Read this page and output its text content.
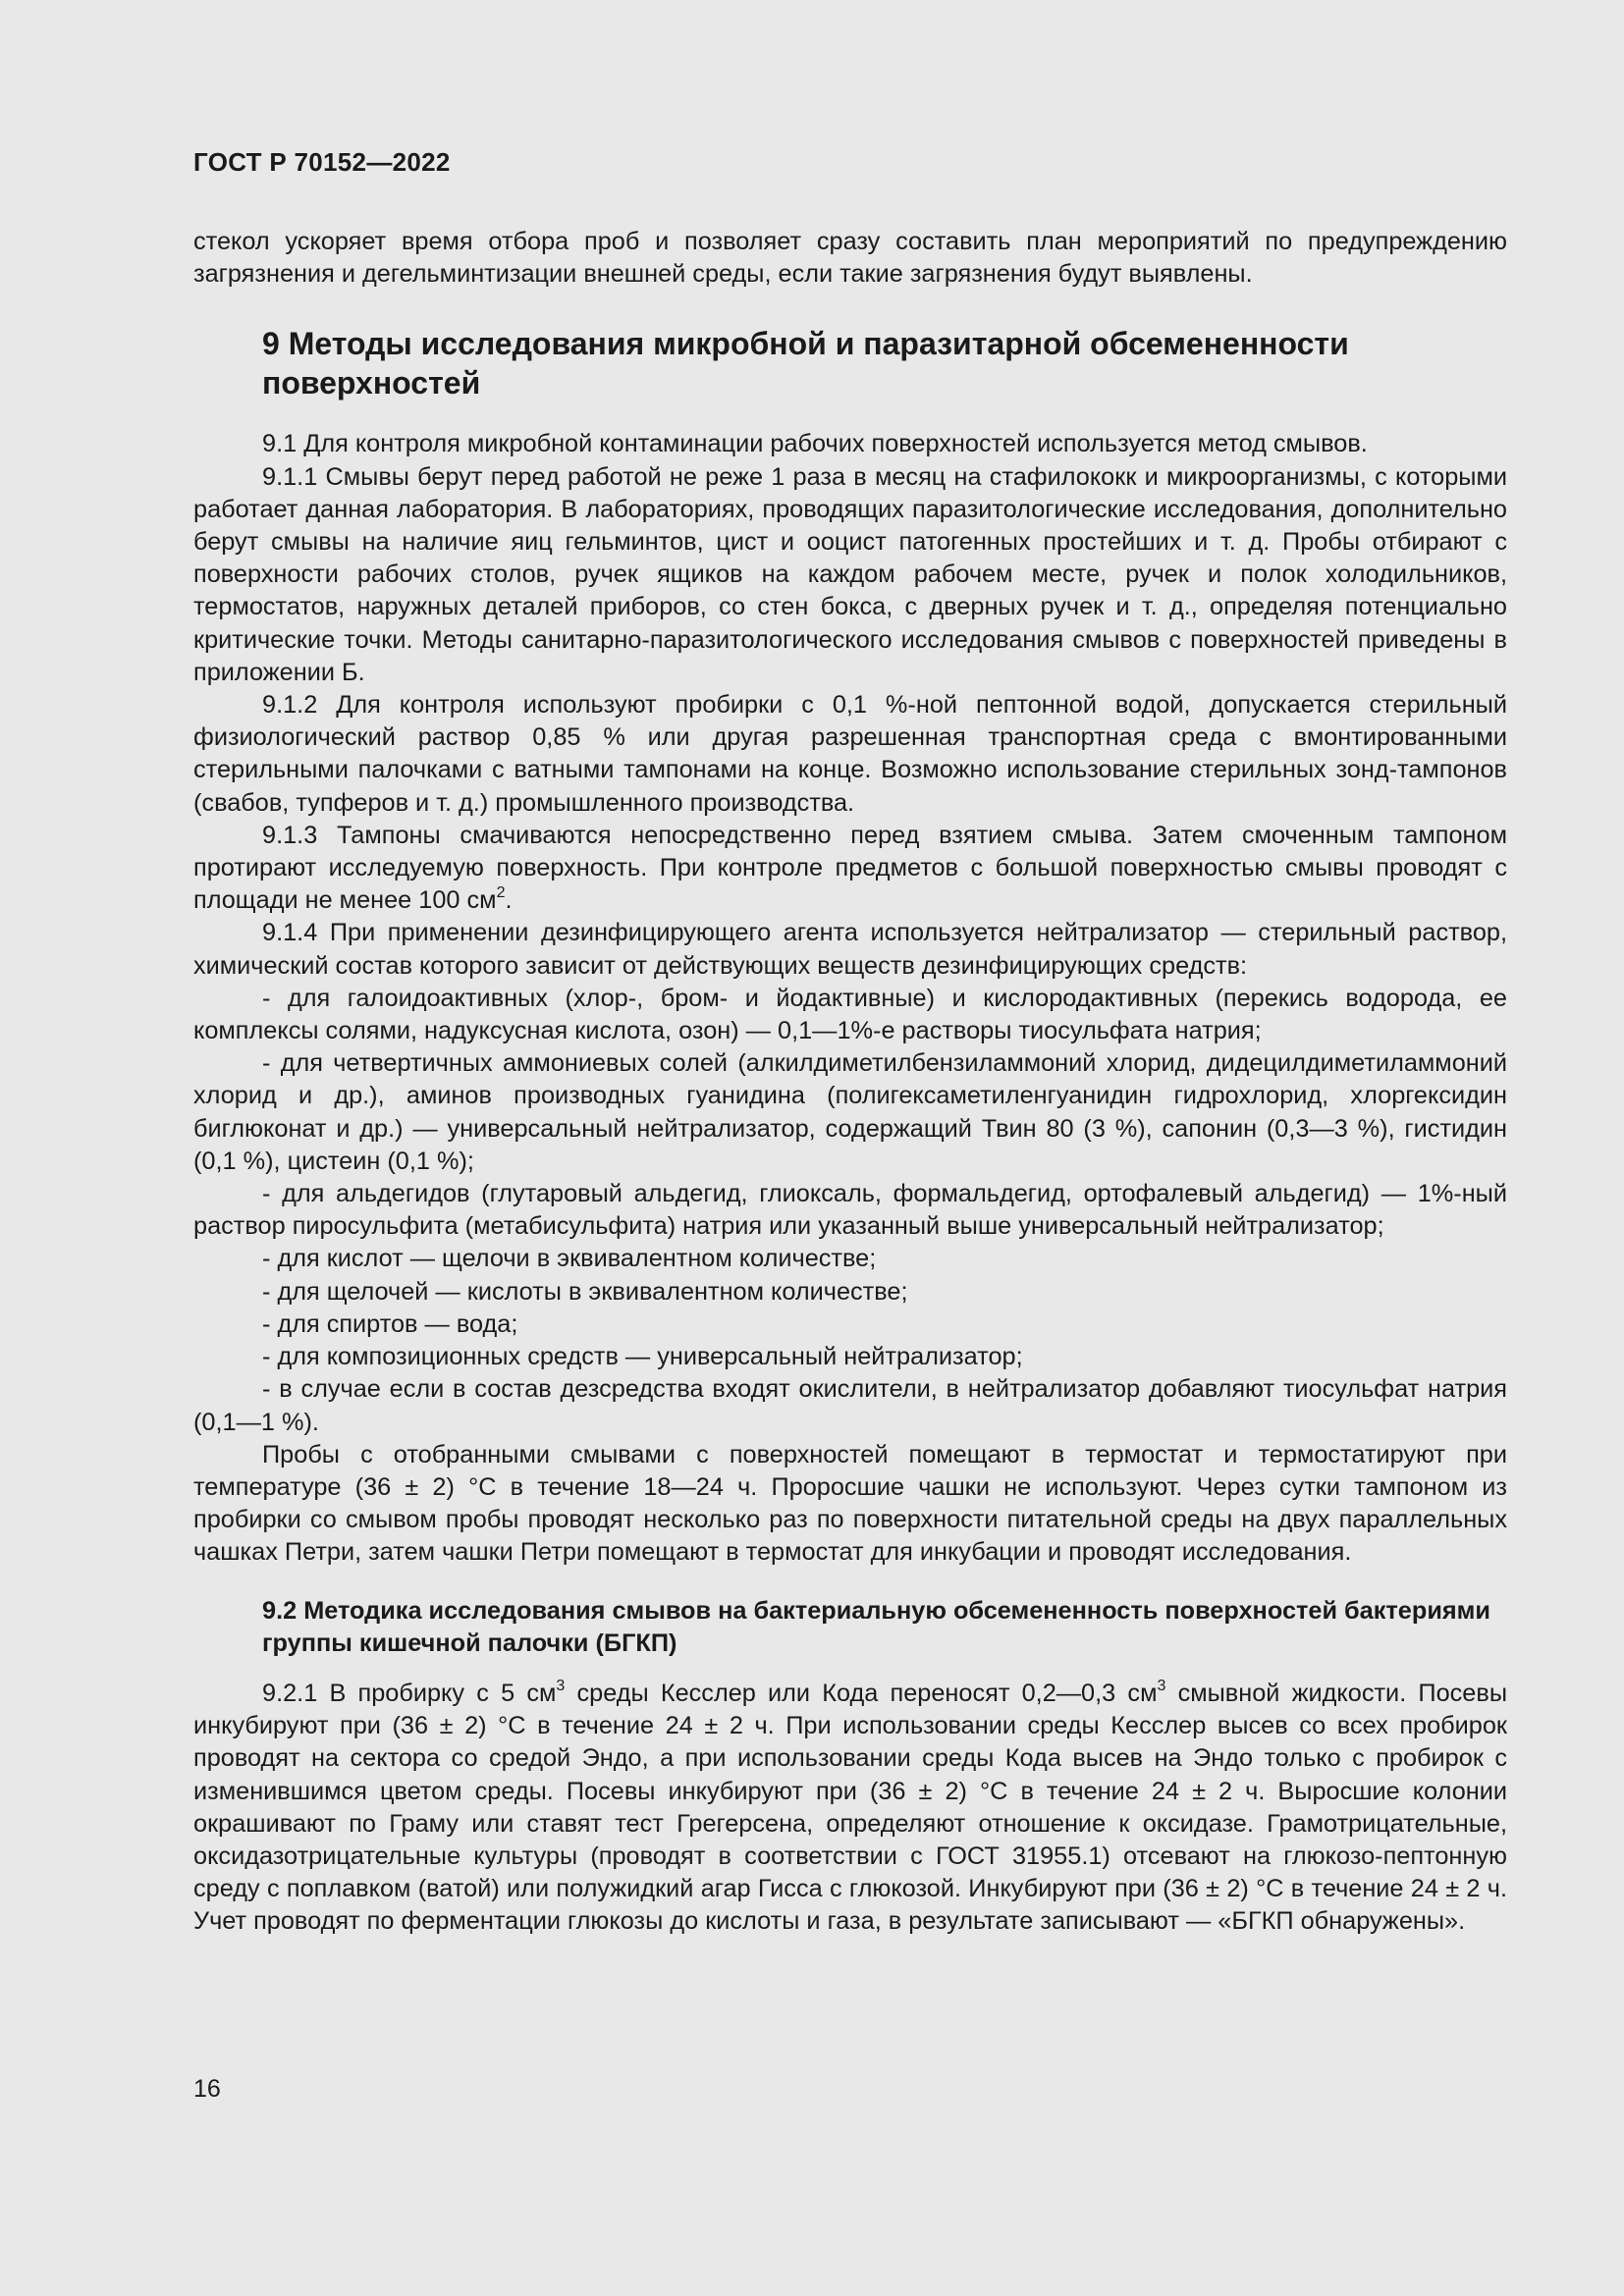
ГОСТ Р 70152—2022

стекол ускоряет время отбора проб и позволяет сразу составить план мероприятий по предупреждению загрязнения и дегельминтизации внешней среды, если такие загрязнения будут выявлены.

9 Методы исследования микробной и паразитарной обсемененности поверхностей

9.1 Для контроля микробной контаминации рабочих поверхностей используется метод смывов.

9.1.1 Смывы берут перед работой не реже 1 раза в месяц на стафилококк и микроорганизмы, с которыми работает данная лаборатория. В лабораториях, проводящих паразитологические исследования, дополнительно берут смывы на наличие яиц гельминтов, цист и ооцист патогенных простейших и т. д. Пробы отбирают с поверхности рабочих столов, ручек ящиков на каждом рабочем месте, ручек и полок холодильников, термостатов, наружных деталей приборов, со стен бокса, с дверных ручек и т. д., определяя потенциально критические точки. Методы санитарно-паразитологического исследования смывов с поверхностей приведены в приложении Б.

9.1.2 Для контроля используют пробирки с 0,1 %-ной пептонной водой, допускается стерильный физиологический раствор 0,85 % или другая разрешенная транспортная среда с вмонтированными стерильными палочками с ватными тампонами на конце. Возможно использование стерильных зонд-тампонов (свабов, тупферов и т. д.) промышленного производства.

9.1.3 Тампоны смачиваются непосредственно перед взятием смыва. Затем смоченным тампоном протирают исследуемую поверхность. При контроле предметов с большой поверхностью смывы проводят с площади не менее 100 $см^2$.

9.1.4 При применении дезинфицирующего агента используется нейтрализатор — стерильный раствор, химический состав которого зависит от действующих веществ дезинфицирующих средств:

- для галоидоактивных (хлор-, бром- и йодактивные) и кислородактивных (перекись водорода, ее комплексы солями, надуксусная кислота, озон) — 0,1—1%-е растворы тиосульфата натрия;

- для четвертичных аммониевых солей (алкилдиметилбензиламмоний хлорид, дидецилдиметиламмоний хлорид и др.), аминов производных гуанидина (полигексаметиленгуанидин гидрохлорид, хлоргексидин биглюконат и др.) — универсальный нейтрализатор, содержащий Твин 80 (3 %), сапонин (0,3—3 %), гистидин (0,1 %), цистеин (0,1 %);

- для альдегидов (глутаровый альдегид, глиоксаль, формальдегид, ортофалевый альдегид) — 1%-ный раствор пиросульфита (метабисульфита) натрия или указанный выше универсальный нейтрализатор;

- для кислот — щелочи в эквивалентном количестве;

- для щелочей — кислоты в эквивалентном количестве;

- для спиртов — вода;

- для композиционных средств — универсальный нейтрализатор;

- в случае если в состав дезсредства входят окислители, в нейтрализатор добавляют тиосульфат натрия (0,1—1 %).

Пробы с отобранными смывами с поверхностей помещают в термостат и термостатируют при температуре (36 ± 2) °С в течение 18—24 ч. Проросшие чашки не используют. Через сутки тампоном из пробирки со смывом пробы проводят несколько раз по поверхности питательной среды на двух параллельных чашках Петри, затем чашки Петри помещают в термостат для инкубации и проводят исследования.

9.2 Методика исследования смывов на бактериальную обсемененность поверхностей бактериями группы кишечной палочки (БГКП)

9.2.1 В пробирку с 5 $см^3$ среды Кесслер или Кода переносят 0,2—0,3 $см^3$ смывной жидкости. Посевы инкубируют при (36 ± 2) °С в течение 24 ± 2 ч. При использовании среды Кесслер высев со всех пробирок проводят на сектора со средой Эндо, а при использовании среды Кода высев на Эндо только с пробирок с изменившимся цветом среды. Посевы инкубируют при (36 ± 2) °С в течение 24 ± 2 ч. Выросшие колонии окрашивают по Граму или ставят тест Грегерсена, определяют отношение к оксидазе. Грамотрицательные, оксидазотрицательные культуры (проводят в соответствии с ГОСТ 31955.1) отсевают на глюкозо-пептонную среду с поплавком (ватой) или полужидкий агар Гисса с глюкозой. Инкубируют при (36 ± 2) °С в течение 24 ± 2 ч. Учет проводят по ферментации глюкозы до кислоты и газа, в результате записывают — «БГКП обнаружены».

16
